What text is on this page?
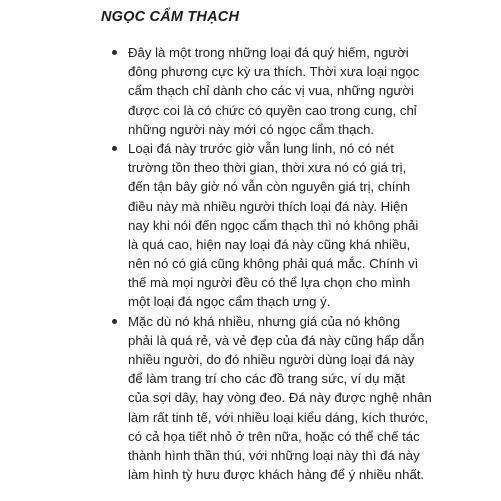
NGỌC CẨM THẠCH
Đây là một trong những loại đá quý hiếm, người
đông phương cực kỳ ưa thích. Thời xưa loại ngọc
cẩm thạch chỉ dành cho các vị vua, những người
được coi là có chức có quyền cao trong cung, chỉ
những người này mới có ngọc cẩm thạch.
Loại đá này trước giờ vẫn lung linh, nó có nét
trường tồn theo thời gian, thời xưa nó có giá trị,
đến tận bây giờ nó vẫn còn nguyên giá trị, chính
điều này mà nhiều người thích loại đá này. Hiện
nay khi nói đến ngọc cẩm thạch thì nó không phải
là quá cao, hiện nay loại đá này cũng khá nhiều,
nên nó có giá cũng không phải quá mắc. Chính vì
thế mà mọi người đều có thể lựa chọn cho mình
một loại đá ngọc cẩm thạch ưng ý.
Mặc dù nó khá nhiều, nhưng giá của nó không
phải là quá rẻ, và vẻ đẹp của đá này cũng hấp dẫn
nhiều người, do đó nhiều người dùng loại đá này
để làm trang trí cho các đồ trang sức, ví dụ mặt
của sợi dây, hay vòng đeo. Đá này được nghệ nhân
làm rất tinh tế, với nhiều loại kiểu dáng, kích thước,
có cả họa tiết nhỏ ở trên nữa, hoặc có thể chế tác
thành hình thần thú, với những loại này thì đá này
làm hình tỳ hưu được khách hàng để ý nhiều nhất.
